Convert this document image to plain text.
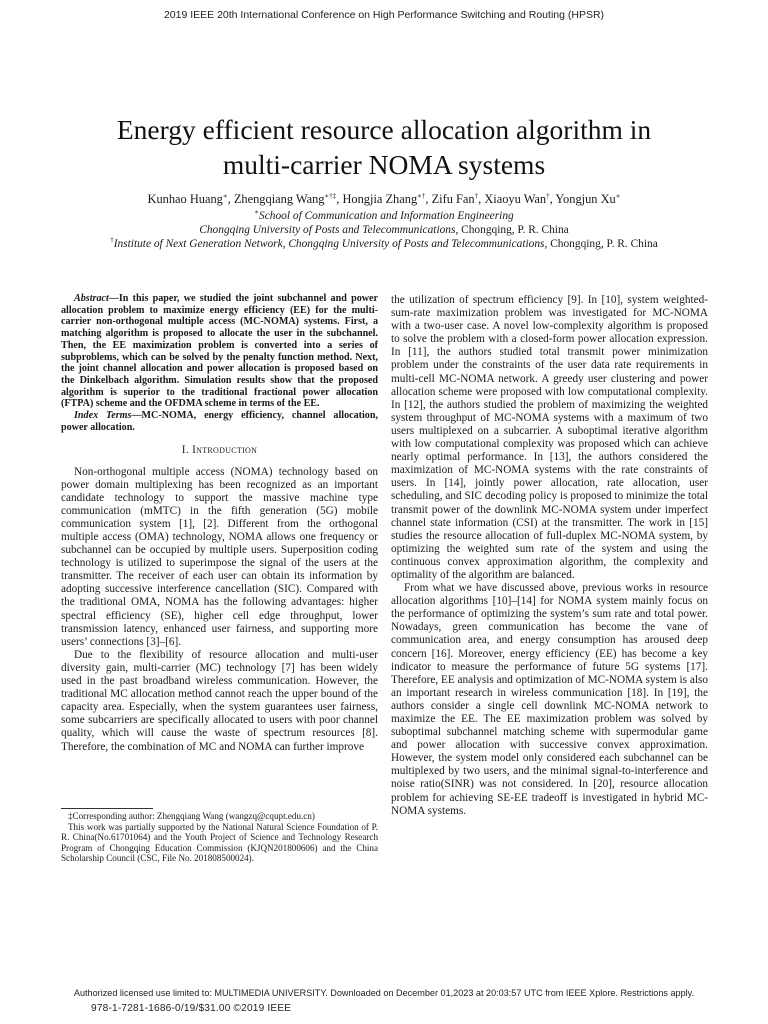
2019 IEEE 20th International Conference on High Performance Switching and Routing (HPSR)
Energy efficient resource allocation algorithm in
multi-carrier NOMA systems
Kunhao Huang∗, Zhengqiang Wang∗†‡, Hongjia Zhang∗†, Zifu Fan†, Xiaoyu Wan†, Yongjun Xu∗
∗School of Communication and Information Engineering
Chongqing University of Posts and Telecommunications, Chongqing, P. R. China
†Institute of Next Generation Network, Chongqing University of Posts and Telecommunications, Chongqing, P. R. China

Abstract—In this paper, we studied the joint subchannel and power allocation problem to maximize energy efficiency (EE) for the multi-carrier non-orthogonal multiple access (MC-NOMA) systems. First, a matching algorithm is proposed to allocate the user in the subchannel. Then, the EE maximization problem is converted into a series of subproblems, which can be solved by the penalty function method. Next, the joint channel allocation and power allocation is proposed based on the Dinkelbach algorithm. Simulation results show that the proposed algorithm is superior to the traditional fractional power allocation (FTPA) scheme and the OFDMA scheme in terms of the EE.

Index Terms—MC-NOMA, energy efficiency, channel allocation, power allocation.

I. Introduction

Non-orthogonal multiple access (NOMA) technology based on power domain multiplexing has been recognized as an important candidate technology to support the massive machine type communication (mMTC) in the fifth generation (5G) mobile communication system [1], [2]. Different from the orthogonal multiple access (OMA) technology, NOMA allows one frequency or subchannel can be occupied by multiple users. Superposition coding technology is utilized to superimpose the signal of the users at the transmitter. The receiver of each user can obtain its information by adopting successive interference cancellation (SIC). Compared with the traditional OMA, NOMA has the following advantages: higher spectral efficiency (SE), higher cell edge throughput, lower transmission latency, enhanced user fairness, and supporting more users’ connections [3]–[6].

Due to the flexibility of resource allocation and multi-user diversity gain, multi-carrier (MC) technology [7] has been widely used in the past broadband wireless communication. However, the traditional MC allocation method cannot reach the upper bound of the capacity area. Especially, when the system guarantees user fairness, some subcarriers are specifically allocated to users with poor channel quality, which will cause the waste of spectrum resources [8]. Therefore, the combination of MC and NOMA can further improve

‡Corresponding author: Zhengqiang Wang (wangzq@cqupt.edu.cn)

This work was partially supported by the National Natural Science Foundation of P. R. China(No.61701064) and the Youth Project of Science and Technology Research Program of Chongqing Education Commission (KJQN201800606) and the China Scholarship Council (CSC, File No. 201808500024).

the utilization of spectrum efficiency [9]. In [10], system weighted-sum-rate maximization problem was investigated for MC-NOMA with a two-user case. A novel low-complexity algorithm is proposed to solve the problem with a closed-form power allocation expression. In [11], the authors studied total transmit power minimization problem under the constraints of the user data rate requirements in multi-cell MC-NOMA network. A greedy user clustering and power allocation scheme were proposed with low computational complexity. In [12], the authors studied the problem of maximizing the weighted system throughput of MC-NOMA systems with a maximum of two users multiplexed on a subcarrier. A suboptimal iterative algorithm with low computational complexity was proposed which can achieve nearly optimal performance. In [13], the authors considered the maximization of MC-NOMA systems with the rate constraints of users. In [14], jointly power allocation, rate allocation, user scheduling, and SIC decoding policy is proposed to minimize the total transmit power of the downlink MC-NOMA system under imperfect channel state information (CSI) at the transmitter. The work in [15] studies the resource allocation of full-duplex MC-NOMA system, by optimizing the weighted sum rate of the system and using the continuous convex approximation algorithm, the complexity and optimality of the algorithm are balanced.

From what we have discussed above, previous works in resource allocation algorithms [10]–[14] for NOMA system mainly focus on the performance of optimizing the system’s sum rate and total power. Nowadays, green communication has become the vane of communication area, and energy consumption has aroused deep concern [16]. Moreover, energy efficiency (EE) has become a key indicator to measure the performance of future 5G systems [17]. Therefore, EE analysis and optimization of MC-NOMA system is also an important research in wireless communication [18]. In [19], the authors consider a single cell downlink MC-NOMA network to maximize the EE. The EE maximization problem was solved by suboptimal subchannel matching scheme with supermodular game and power allocation with successive convex approximation. However, the system model only considered each subchannel can be multiplexed by two users, and the minimal signal-to-interference and noise ratio(SINR) was not considered. In [20], resource allocation problem for achieving SE-EE tradeoff is investigated in hybrid MC-NOMA systems.

Authorized licensed use limited to: MULTIMEDIA UNIVERSITY. Downloaded on December 01,2023 at 20:03:57 UTC from IEEE Xplore. Restrictions apply.
978-1-7281-1686-0/19/$31.00 ©2019 IEEE
